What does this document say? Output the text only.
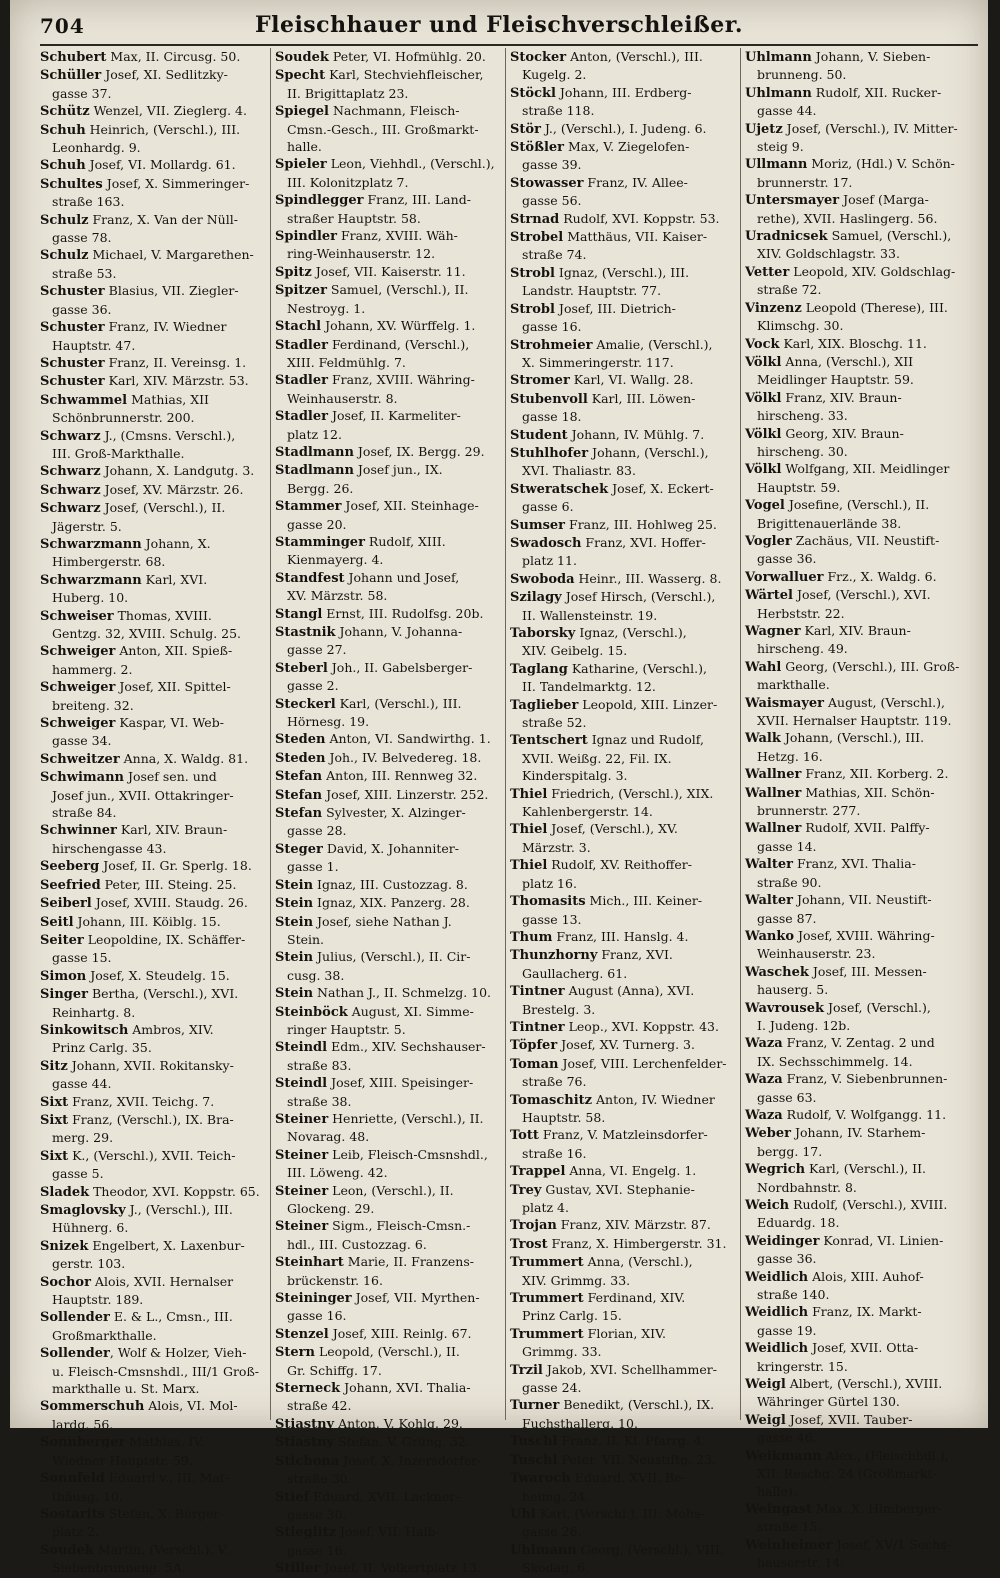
704	Fleischhauer und Fleischverschleißer.
Schubert Max, II. Circusg. 50.
Schüller Josef, XI. Sedlitzky-
gasse 37.
Schütz Wenzel, VII. Zieglerg. 4.
Schuh Heinrich, (Verschl.), III.
Leonhardg. 9.
Schuh Josef, VI. Mollardg. 61.
Schultes Josef, X. Simmeringer-
straße 163.
Schulz Franz, X. Van der Nüll-
gasse 78.
Schulz Michael, V. Margarethen-
straße 53.
Schuster Blasius, VII. Ziegler-
gasse 36.
Schuster Franz, IV. Wiedner
Hauptstr. 47.
Schuster Franz, II. Vereinsg. 1.
Schuster Karl, XIV. Märzstr. 53.
Schwammel Mathias, XII
Schönbrunnerstr. 200.
Schwarz J., (Cmsns. Verschl.),
III. Groß-Markthalle.
Schwarz Johann, X. Landgutg. 3.
Schwarz Josef, XV. Märzstr. 26.
Schwarz Josef, (Verschl.), II.
Jägerstr. 5.
Schwarzmann Johann, X.
Himbergerstr. 68.
Schwarzmann Karl, XVI.
Huberg. 10.
Schweiser Thomas, XVIII.
Gentzg. 32, XVIII. Schulg. 25.
Schweiger Anton, XII. Spieß-
hammerg. 2.
Schweiger Josef, XII. Spittel-
breiteng. 32.
Schweiger Kaspar, VI. Web-
gasse 34.
Schweitzer Anna, X. Waldg. 81.
Schwimann Josef sen. und
Josef jun., XVII. Ottakringer-
straße 84.
Schwinner Karl, XIV. Braun-
hirschengasse 43.
Seeberg Josef, II. Gr. Sperlg. 18.
Seefried Peter, III. Steing. 25.
Seiberl Josef, XVIII. Staudg. 26.
Seitl Johann, III. Köiblg. 15.
Seiter Leopoldine, IX. Schäffer-
gasse 15.
Simon Josef, X. Steudelg. 15.
Singer Bertha, (Verschl.), XVI.
Reinhartg. 8.
Sinkowitsch Ambros, XIV.
Prinz Carlg. 35.
Sitz Johann, XVII. Rokitansky-
gasse 44.
Sixt Franz, XVII. Teichg. 7.
Sixt Franz, (Verschl.), IX. Bra-
merg. 29.
Sixt K., (Verschl.), XVII. Teich-
gasse 5.
Sladek Theodor, XVI. Koppstr. 65.
Smaglovsky J., (Verschl.), III.
Hühnerg. 6.
Snizek Engelbert, X. Laxenbur-
gerstr. 103.
Sochor Alois, XVII. Hernalser
Hauptstr. 189.
Sollender E. & L., Cmsn., III.
Großmarkthalle.
Sollender, Wolf & Holzer, Vieh-
u. Fleisch-Cmsnshdl., III/1 Groß-
markthalle u. St. Marx.
Sommerschuh Alois, VI. Mol-
lardg. 56.
Sonnberger Mathias, IV.
Wiedner Hauptstr. 59.
Sonnfeld Eduard v., III. Mat-
thäusg. 10.
Sostarits Stefan, X. Bürger-
platz 2.
Soudek Martin, (Verschl.), V.
Siebenbrunneng. 5A.
Soudek Peter, VI. Hofmühlg. 20.
Specht Karl, Stechviehfleischer,
II. Brigittaplatz 23.
Spiegel Nachmann, Fleisch-
Cmsn.-Gesch., III. Großmarkt-
halle.
Spieler Leon, Viehhdl., (Verschl.),
III. Kolonitzplatz 7.
Spindlegger Franz, III. Land-
straßer Hauptstr. 58.
Spindler Franz, XVIII. Wäh-
ring-Weinhauserstr. 12.
Spitz Josef, VII. Kaiserstr. 11.
Spitzer Samuel, (Verschl.), II.
Nestroyg. 1.
Stachl Johann, XV. Würffelg. 1.
Stadler Ferdinand, (Verschl.),
XIII. Feldmühlg. 7.
Stadler Franz, XVIII. Währing-
Weinhauserstr. 8.
Stadler Josef, II. Karmeliter-
platz 12.
Stadlmann Josef, IX. Bergg. 29.
Stadlmann Josef jun., IX.
Bergg. 26.
Stammer Josef, XII. Steinhage-
gasse 20.
Stamminger Rudolf, XIII.
Kienmayerg. 4.
Standfest Johann und Josef,
XV. Märzstr. 58.
Stangl Ernst, III. Rudolfsg. 20b.
Stastnik Johann, V. Johanna-
gasse 27.
Steberl Joh., II. Gabelsberger-
gasse 2.
Steckerl Karl, (Verschl.), III.
Hörnesg. 19.
Steden Anton, VI. Sandwirthg. 1.
Steden Joh., IV. Belvedereg. 18.
Stefan Anton, III. Rennweg 32.
Stefan Josef, XIII. Linzerstr. 252.
Stefan Sylvester, X. Alzinger-
gasse 28.
Steger David, X. Johanniter-
gasse 1.
Stein Ignaz, III. Custozzag. 8.
Stein Ignaz, XIX. Panzerg. 28.
Stein Josef, siehe Nathan J.
Stein.
Stein Julius, (Verschl.), II. Cir-
cusg. 38.
Stein Nathan J., II. Schmelzg. 10.
Steinböck August, XI. Simme-
ringer Hauptstr. 5.
Steindl Edm., XIV. Sechshauser-
straße 83.
Steindl Josef, XIII. Speisinger-
straße 38.
Steiner Henriette, (Verschl.), II.
Novarag. 48.
Steiner Leib, Fleisch-Cmsnshdl.,
III. Löweng. 42.
Steiner Leon, (Verschl.), II.
Glockeng. 29.
Steiner Sigm., Fleisch-Cmsn.-
hdl., III. Custozzag. 6.
Steinhart Marie, II. Franzens-
brückenstr. 16.
Steininger Josef, VII. Myrthen-
gasse 16.
Stenzel Josef, XIII. Reinlg. 67.
Stern Leopold, (Verschl.), II.
Gr. Schiffg. 17.
Sterneck Johann, XVI. Thalia-
straße 42.
Stiastny Anton, V. Kohlg. 29.
Stiastny Stefan, V. Grüng. 32.
Stichona Josef, X. Inzersdorfer-
straße 30.
Stief Eduard, XVII. Lackner-
gasse 30.
Stieglitz Josef, VII. Halb-
gasse 16.
Stiller Josef, II. Volkertplatz 13.
Stocker Anton, (Verschl.), III.
Kugelg. 2.
Stöckl Johann, III. Erdberg-
straße 118.
Stör J., (Verschl.), I. Judeng. 6.
Stößler Max, V. Ziegelofen-
gasse 39.
Stowasser Franz, IV. Allee-
gasse 56.
Strnad Rudolf, XVI. Koppstr. 53.
Strobel Matthäus, VII. Kaiser-
straße 74.
Strobl Ignaz, (Verschl.), III.
Landstr. Hauptstr. 77.
Strobl Josef, III. Dietrich-
gasse 16.
Strohmeier Amalie, (Verschl.),
X. Simmeringerstr. 117.
Stromer Karl, VI. Wallg. 28.
Stubenvoll Karl, III. Löwen-
gasse 18.
Student Johann, IV. Mühlg. 7.
Stuhlhofer Johann, (Verschl.),
XVI. Thaliastr. 83.
Stweratschek Josef, X. Eckert-
gasse 6.
Sumser Franz, III. Hohlweg 25.
Swadosch Franz, XVI. Hoffer-
platz 11.
Swoboda Heinr., III. Wasserg. 8.
Szilagy Josef Hirsch, (Verschl.),
II. Wallensteinstr. 19.
Taborsky Ignaz, (Verschl.),
XIV. Geibelg. 15.
Taglang Katharine, (Verschl.),
II. Tandelmarktg. 12.
Taglieber Leopold, XIII. Linzer-
straße 52.
Tentschert Ignaz und Rudolf,
XVII. Weißg. 22, Fil. IX.
Kinderspitalg. 3.
Thiel Friedrich, (Verschl.), XIX.
Kahlenbergerstr. 14.
Thiel Josef, (Verschl.), XV.
Märzstr. 3.
Thiel Rudolf, XV. Reithoffer-
platz 16.
Thomasits Mich., III. Keiner-
gasse 13.
Thum Franz, III. Hanslg. 4.
Thunzhorny Franz, XVI.
Gaullacherg. 61.
Tintner August (Anna), XVI.
Brestelg. 3.
Tintner Leop., XVI. Koppstr. 43.
Töpfer Josef, XV. Turnerg. 3.
Toman Josef, VIII. Lerchenfelder-
straße 76.
Tomaschitz Anton, IV. Wiedner
Hauptstr. 58.
Tott Franz, V. Matzleinsdorfer-
straße 16.
Trappel Anna, VI. Engelg. 1.
Trey Gustav, XVI. Stephanie-
platz 4.
Trojan Franz, XIV. Märzstr. 87.
Trost Franz, X. Himbergerstr. 31.
Trummert Anna, (Verschl.),
XIV. Grimmg. 33.
Trummert Ferdinand, XIV.
Prinz Carlg. 15.
Trummert Florian, XIV.
Grimmg. 33.
Trzil Jakob, XVI. Schellhammer-
gasse 24.
Turner Benedikt, (Verschl.), IX.
Fuchsthallerg. 10.
Tuschl Franz, II. Kl. Pfarrg. 4.
Tuschl Peter, VII. Neustiftg. 23.
Twaroch Eduard, XVII. Be-
heimg. 24.
Uhl Karl, (Verschl.), III. Mohs-
gasse 26.
Uhlmann Georg, (Verschl.), VIII.
Skodag. 6.
Uhlmann Johann, V. Sieben-
brunneng. 50.
Uhlmann Rudolf, XII. Rucker-
gasse 44.
Ujetz Josef, (Verschl.), IV. Mitter-
steig 9.
Ullmann Moriz, (Hdl.) V. Schön-
brunnerstr. 17.
Untersmayer Josef (Marga-
rethe), XVII. Haslingerg. 56.
Uradnicsek Samuel, (Verschl.),
XIV. Goldschlagstr. 33.
Vetter Leopold, XIV. Goldschlag-
straße 72.
Vinzenz Leopold (Therese), III.
Klimschg. 30.
Vock Karl, XIX. Bloschg. 11.
Völkl Anna, (Verschl.), XII
Meidlinger Hauptstr. 59.
Völkl Franz, XIV. Braun-
hirscheng. 33.
Völkl Georg, XIV. Braun-
hirscheng. 30.
Völkl Wolfgang, XII. Meidlinger
Hauptstr. 59.
Vogel Josefine, (Verschl.), II.
Brigittenauerlände 38.
Vogler Zachäus, VII. Neustift-
gasse 36.
Vorwalluer Frz., X. Waldg. 6.
Wärtel Josef, (Verschl.), XVI.
Herbststr. 22.
Wagner Karl, XIV. Braun-
hirscheng. 49.
Wahl Georg, (Verschl.), III. Groß-
markthalle.
Waismayer August, (Verschl.),
XVII. Hernalser Hauptstr. 119.
Walk Johann, (Verschl.), III.
Hetzg. 16.
Wallner Franz, XII. Korberg. 2.
Wallner Mathias, XII. Schön-
brunnerstr. 277.
Wallner Rudolf, XVII. Palffy-
gasse 14.
Walter Franz, XVI. Thalia-
straße 90.
Walter Johann, VII. Neustift-
gasse 87.
Wanko Josef, XVIII. Währing-
Weinhauserstr. 23.
Waschek Josef, III. Messen-
hauserg. 5.
Wavrousek Josef, (Verschl.),
I. Judeng. 12b.
Waza Franz, V. Zentag. 2 und
IX. Sechsschimmelg. 14.
Waza Franz, V. Siebenbrunnen-
gasse 63.
Waza Rudolf, V. Wolfgangg. 11.
Weber Johann, IV. Starhem-
bergg. 17.
Wegrich Karl, (Verschl.), II.
Nordbahnstr. 8.
Weich Rudolf, (Verschl.), XVIII.
Eduardg. 18.
Weidinger Konrad, VI. Linien-
gasse 36.
Weidlich Alois, XIII. Auhof-
straße 140.
Weidlich Franz, IX. Markt-
gasse 19.
Weidlich Josef, XVII. Otta-
kringerstr. 15.
Weigl Albert, (Verschl.), XVIII.
Währinger Gürtel 130.
Weigl Josef, XVII. Tauber-
gasse 46.
Weikmann Alex., (Fleischhdl.),
XII. Reschg. 24 (Großmarkt-
halle).
Weingast Max, X. Himberger-
straße 15.
Weinheimer Josef, XV/1 Sechs-
hauserstr. 14.
